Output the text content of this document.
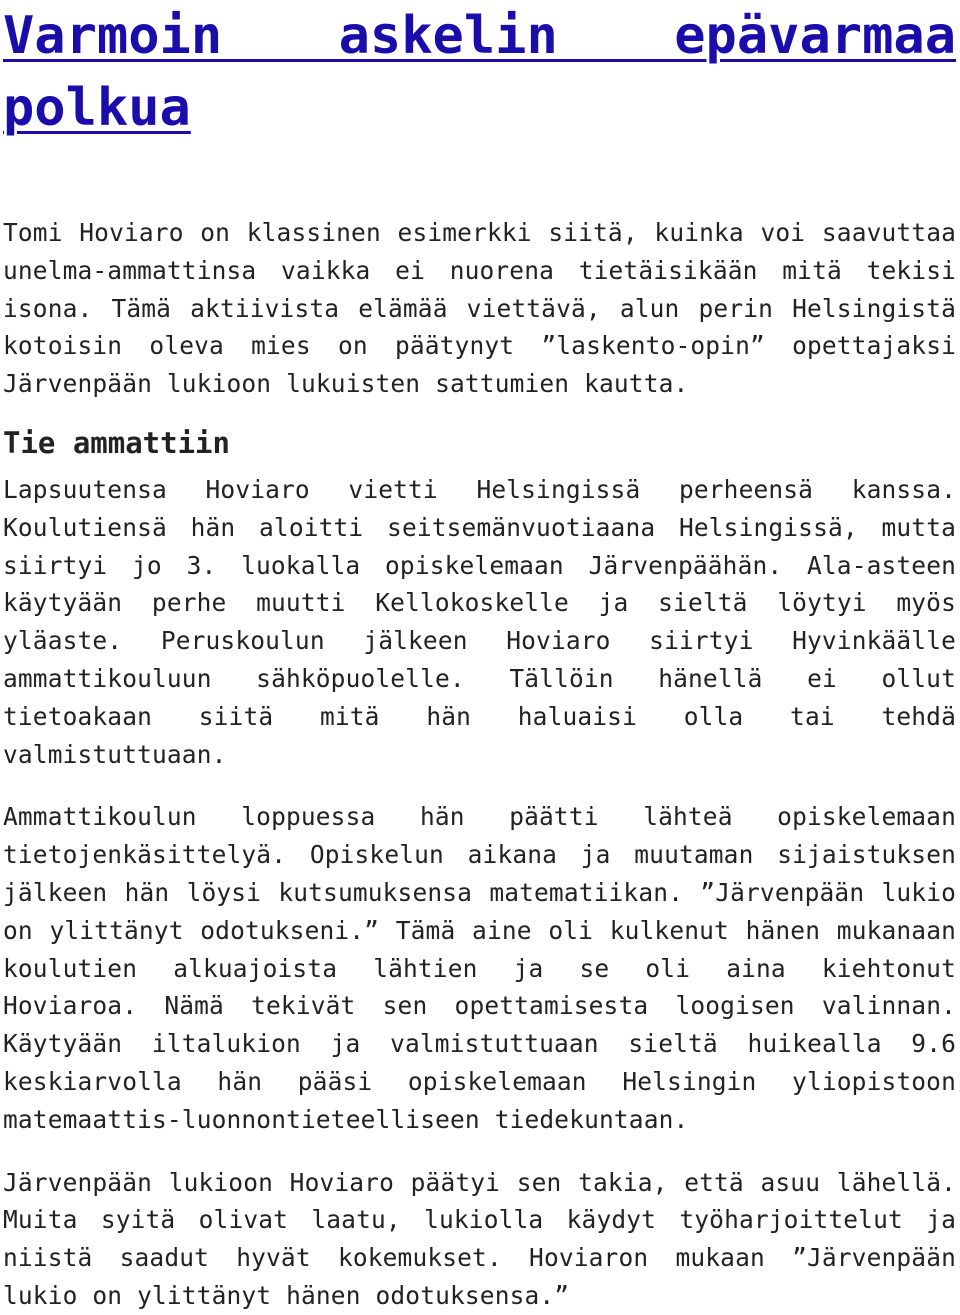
Varmoin askelin epävarmaa polkua

Tomi Hoviaro on klassinen esimerkki siitä, kuinka voi saavuttaa unelma-ammattinsa vaikka ei nuorena tietäisikään mitä tekisi isona. Tämä aktiivista elämää viettävä, alun perin Helsingistä kotoisin oleva mies on päätynyt ”laskento-opin” opettajaksi Järvenpään lukioon lukuisten sattumien kautta.

Tie ammattiin

Lapsuutensa Hoviaro vietti Helsingissä perheensä kanssa. Koulutiensä hän aloitti seitsemänvuotiaana Helsingissä, mutta siirtyi jo 3. luokalla opiskelemaan Järvenpäähän. Ala-asteen käytyään perhe muutti Kellokoskelle ja sieltä löytyi myös yläaste. Peruskoulun jälkeen Hoviaro siirtyi Hyvinkäälle ammattikouluun sähköpuolelle. Tällöin hänellä ei ollut tietoakaan siitä mitä hän haluaisi olla tai tehdä valmistuttuaan.

Ammattikoulun loppuessa hän päätti lähteä opiskelemaan tietojenkäsittelyä. Opiskelun aikana ja muutaman sijaistuksen jälkeen hän löysi kutsumuksensa matematiikan. ”Järvenpään lukio on ylittänyt odotukseni.” Tämä aine oli kulkenut hänen mukanaan koulutien alkuajoista lähtien ja se oli aina kiehtonut Hoviaroa. Nämä tekivät sen opettamisesta loogisen valinnan. Käytyään iltalukion ja valmistuttuaan sieltä huikealla 9.6 keskiarvolla hän pääsi opiskelemaan Helsingin yliopistoon matemaattis-luonnontieteelliseen tiedekuntaan.

Järvenpään lukioon Hoviaro päätyi sen takia, että asuu lähellä. Muita syitä olivat laatu, lukiolla käydyt työharjoittelut ja niistä saadut hyvät kokemukset. Hoviaron mukaan ”Järvenpään lukio on ylittänyt hänen odotuksensa.”
